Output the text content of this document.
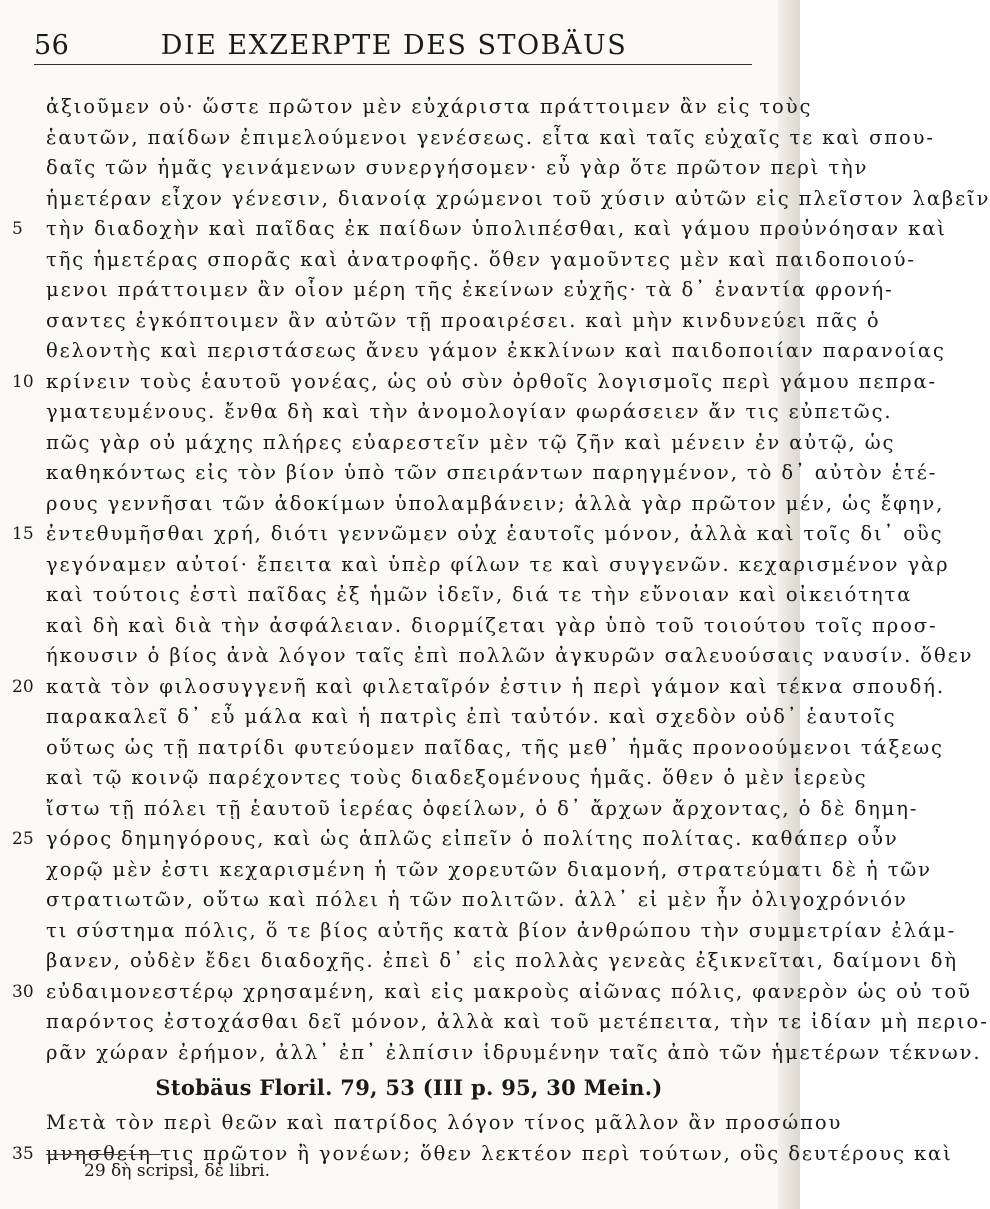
56	DIE EXZERPTE DES STOBÄUS
ἀξιοῦμεν οὐ· ὥστε πρῶτον μὲν εὐχάριστα πράττοιμεν ἂν εἰς τοὺς
ἑαυτῶν, παίδων ἐπιμελούμενοι γενέσεως. εἶτα καὶ ταῖς εὐχαῖς τε καὶ σπου-
δαῖς τῶν ἡμᾶς γεινάμενων συνεργήσομεν· εὖ γὰρ ὅτε πρῶτον περὶ τὴν
ἡμετέραν εἶχον γένεσιν, διανοίᾳ χρώμενοι τοῦ χύσιν αὐτῶν εἰς πλεῖστον λαβεῖν
5 τὴν διαδοχὴν καὶ παῖδας ἐκ παίδων ὑπολιπέσθαι, καὶ γάμου προὐνόησαν καὶ
τῆς ἡμετέρας σπορᾶς καὶ ἀνατροφῆς. ὅθεν γαμοῦντες μὲν καὶ παιδοποιού-
μενοι πράττοιμεν ἂν οἷον μέρη τῆς ἐκείνων εὐχῆς· τὰ δ᾽ ἐναντία φρονή-
σαντες ἐγκόπτοιμεν ἂν αὐτῶν τῇ προαιρέσει. καὶ μὴν κινδυνεύει πᾶς ὁ
θελοντὴς καὶ περιστάσεως ἄνευ γάμον ἐκκλίνων καὶ παιδοποιίαν παρανοίας
10 κρίνειν τοὺς ἑαυτοῦ γονέας, ὡς οὐ σὺν ὀρθοῖς λογισμοῖς περὶ γάμου πεπρα-
γματευμένους. ἔνθα δὴ καὶ τὴν ἀνομολογίαν φωράσειεν ἄν τις εὐπετῶς.
πῶς γὰρ οὐ μάχης πλήρες εὐαρεστεῖν μὲν τῷ ζῆν καὶ μένειν ἐν αὐτῷ, ὡς
καθηκόντως εἰς τὸν βίον ὑπὸ τῶν σπειράντων παρηγμένον, τὸ δ᾽ αὐτὸν ἑτέ-
ρους γεννῆσαι τῶν ἀδοκίμων ὑπολαμβάνειν; ἀλλὰ γὰρ πρῶτον μέν, ὡς ἔφην,
15 ἐντεθυμῆσθαι χρή, διότι γεννῶμεν οὐχ ἑαυτοῖς μόνον, ἀλλὰ καὶ τοῖς δι᾽ οὓς
γεγόναμεν αὐτοί· ἔπειτα καὶ ὑπὲρ φίλων τε καὶ συγγενῶν. κεχαρισμένον γὰρ
καὶ τούτοις ἐστὶ παῖδας ἐξ ἡμῶν ἰδεῖν, διά τε τὴν εὔνοιαν καὶ οἰκειότητα
καὶ δὴ καὶ διὰ τὴν ἀσφάλειαν. διορμίζεται γὰρ ὑπὸ τοῦ τοιούτου τοῖς προσ-
ήκουσιν ὁ βίος ἀνὰ λόγον ταῖς ἐπὶ πολλῶν ἀγκυρῶν σαλευούσαις ναυσίν. ὅθεν
20 κατὰ τὸν φιλοσυγγενῆ καὶ φιλεταῖρόν ἐστιν ἡ περὶ γάμον καὶ τέκνα σπουδή.
παρακαλεῖ δ᾽ εὖ μάλα καὶ ἡ πατρὶς ἐπὶ ταὐτόν. καὶ σχεδὸν οὐδ᾽ ἑαυτοῖς
οὕτως ὡς τῇ πατρίδι φυτεύομεν παῖδας, τῆς μεθ᾽ ἡμᾶς προνοούμενοι τάξεως
καὶ τῷ κοινῷ παρέχοντες τοὺς διαδεξομένους ἡμᾶς. ὅθεν ὁ μὲν ἱερεὺς
ἴστω τῇ πόλει τῇ ἑαυτοῦ ἱερέας ὀφείλων, ὁ δ᾽ ἄρχων ἄρχοντας, ὁ δὲ δημη-
25 γόρος δημηγόρους, καὶ ὡς ἁπλῶς εἰπεῖν ὁ πολίτης πολίτας. καθάπερ οὖν
χορῷ μὲν ἐστι κεχαρισμένη ἡ τῶν χορευτῶν διαμονή, στρατεύματι δὲ ἡ τῶν
στρατιωτῶν, οὕτω καὶ πόλει ἡ τῶν πολιτῶν. ἀλλ᾽ εἰ μὲν ἦν ὀλιγοχρόνιόν
τι σύστημα πόλις, ὅ τε βίος αὐτῆς κατὰ βίον ἀνθρώπου τὴν συμμετρίαν ἐλάμ-
βανεν, οὐδὲν ἔδει διαδοχῆς. ἐπεὶ δ᾽ εἰς πολλὰς γενεὰς ἐξικνεῖται, δαίμονι δὴ
30 εὐδαιμονεστέρῳ χρησαμένη, καὶ εἰς μακροὺς αἰῶνας πόλις, φανερὸν ὡς οὐ τοῦ
παρόντος ἐστοχάσθαι δεῖ μόνον, ἀλλὰ καὶ τοῦ μετέπειτα, τὴν τε ἰδίαν μὴ περιο-
ρᾶν χώραν ἐρήμον, ἀλλ᾽ ἐπ᾽ ἐλπίσιν ἱδρυμένην ταῖς ἀπὸ τῶν ἡμετέρων τέκνων.
Stobäus Floril. 79, 53 (III p. 95, 30 Mein.)
Μετὰ τὸν περὶ θεῶν καὶ πατρίδος λόγον τίνος μᾶλλον ἂν προσώπου
35 μνησθείη τις πρῶτον ἢ γονέων; ὅθεν λεκτέον περὶ τούτων, οὓς δευτέρους καὶ
29 δὴ scripsi, δὲ libri.
